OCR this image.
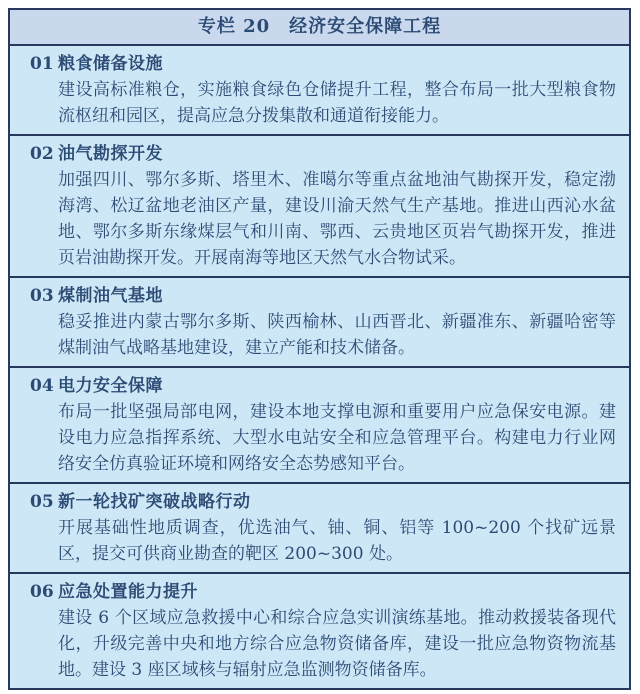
专栏 20　经济安全保障工程
01 粮食储备设施
建设高标准粮仓，实施粮食绿色仓储提升工程，整合布局一批大型粮食物流枢纽和园区，提高应急分拨集散和通道衔接能力。
02 油气勘探开发
加强四川、鄂尔多斯、塔里木、准噶尔等重点盆地油气勘探开发，稳定渤海湾、松辽盆地老油区产量，建设川渝天然气生产基地。推进山西沁水盆地、鄂尔多斯东缘煤层气和川南、鄂西、云贵地区页岩气勘探开发，推进页岩油勘探开发。开展南海等地区天然气水合物试采。
03 煤制油气基地
稳妥推进内蒙古鄂尔多斯、陕西榆林、山西晋北、新疆准东、新疆哈密等煤制油气战略基地建设，建立产能和技术储备。
04 电力安全保障
布局一批坚强局部电网，建设本地支撑电源和重要用户应急保安电源。建设电力应急指挥系统、大型水电站安全和应急管理平台。构建电力行业网络安全仿真验证环境和网络安全态势感知平台。
05 新一轮找矿突破战略行动
开展基础性地质调查，优选油气、铀、铜、铝等 100~200 个找矿远景区，提交可供商业勘查的靶区 200~300 处。
06 应急处置能力提升
建设 6 个区域应急救援中心和综合应急实训演练基地。推动救援装备现代化，升级完善中央和地方综合应急物资储备库，建设一批应急物资物流基地。建设 3 座区域核与辐射应急监测物资储备库。
